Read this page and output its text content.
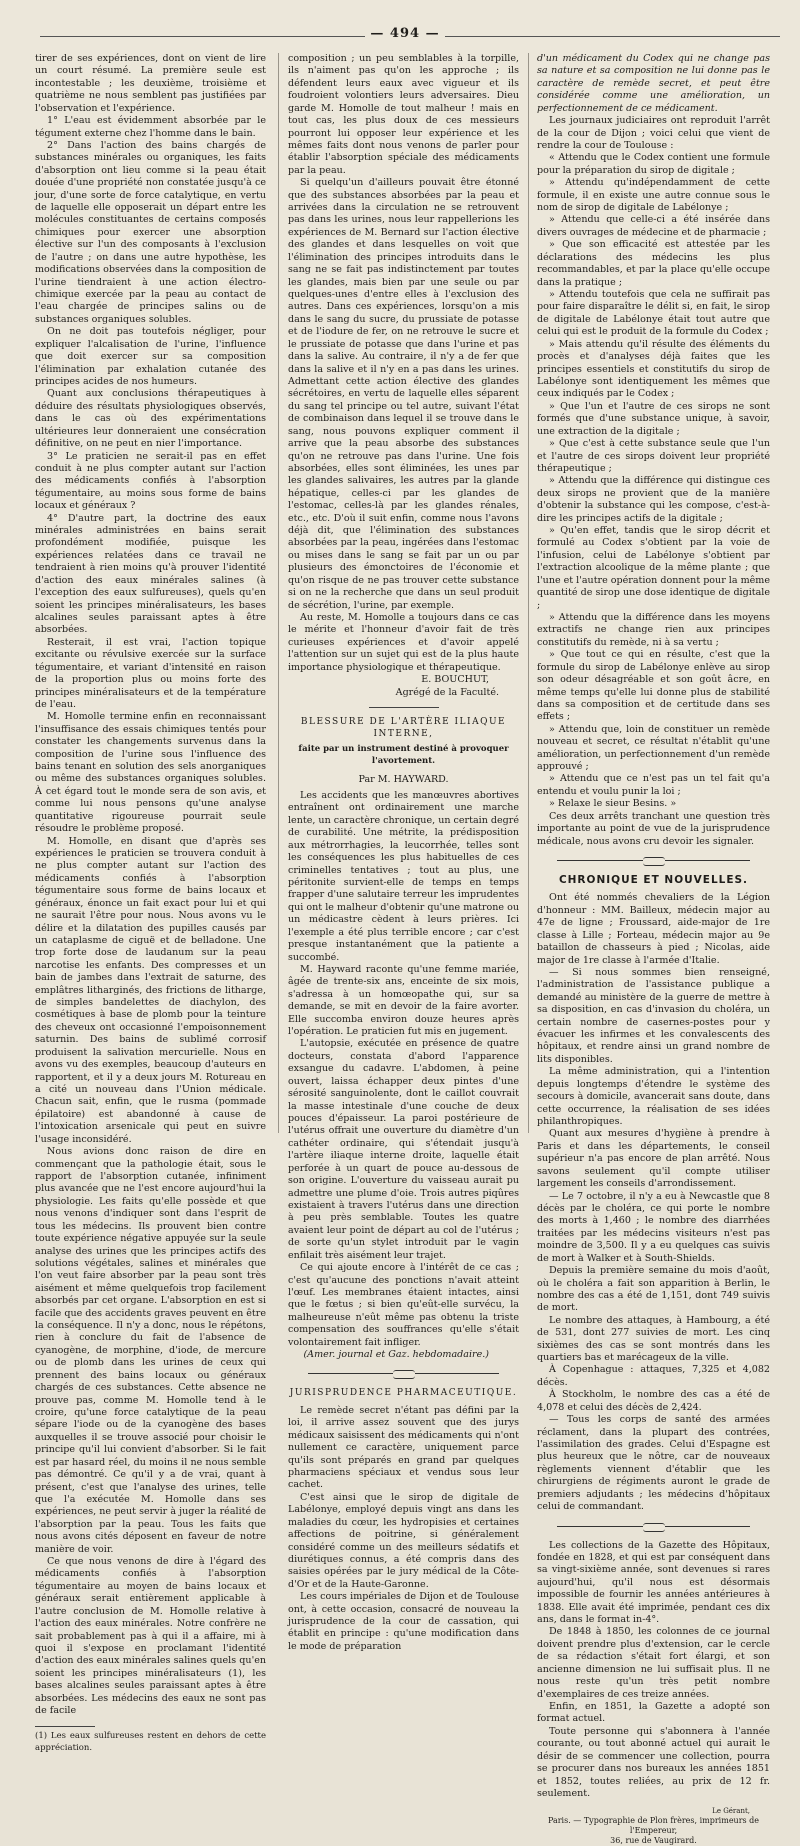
— 494 —

tirer de ses expériences, dont on vient de lire un court résumé. La première seule est incontestable ; les deuxième, troisième et quatrième ne nous semblent pas justifiées par l'observation et l'expérience.

1° L'eau est évidemment absorbée par le tégument externe chez l'homme dans le bain.

2° Dans l'action des bains chargés de substances minérales ou organiques, les faits d'absorption ont lieu comme si la peau était douée d'une propriété non constatée jusqu'à ce jour, d'une sorte de force catalytique, en vertu de laquelle elle opposerait un départ entre les molécules constituantes de certains composés chimiques pour exercer une absorption élective sur l'un des composants à l'exclusion de l'autre ; on dans une autre hypothèse, les modifications observées dans la composition de l'urine tiendraient à une action électro-chimique exercée par la peau au contact de l'eau chargée de principes salins ou de substances organiques solubles.

On ne doit pas toutefois négliger, pour expliquer l'alcalisation de l'urine, l'influence que doit exercer sur sa composition l'élimination par exhalation cutanée des principes acides de nos humeurs.

Quant aux conclusions thérapeutiques à déduire des résultats physiologiques observés, dans le cas où des expérimentations ultérieures leur donneraient une consécration définitive, on ne peut en nier l'importance.

3° Le praticien ne serait-il pas en effet conduit à ne plus compter autant sur l'action des médicaments confiés à l'absorption tégumentaire, au moins sous forme de bains locaux et généraux ?

4° D'autre part, la doctrine des eaux minérales administrées en bains serait profondément modifiée, puisque les expériences relatées dans ce travail ne tendraient à rien moins qu'à prouver l'identité d'action des eaux minérales salines (à l'exception des eaux sulfureuses), quels qu'en soient les principes minéralisateurs, les bases alcalines seules paraissant aptes à être absorbées.

Resterait, il est vrai, l'action topique excitante ou révulsive exercée sur la surface tégumentaire, et variant d'intensité en raison de la proportion plus ou moins forte des principes minéralisateurs et de la température de l'eau.

M. Homolle termine enfin en reconnaissant l'insuffisance des essais chimiques tentés pour constater les changements survenus dans la composition de l'urine sous l'influence des bains tenant en solution des sels anorganiques ou même des substances organiques solubles. À cet égard tout le monde sera de son avis, et comme lui nous pensons qu'une analyse quantitative rigoureuse pourrait seule résoudre le problème proposé.

M. Homolle, en disant que d'après ses expériences le praticien se trouvera conduit à ne plus compter autant sur l'action des médicaments confiés à l'absorption tégumentaire sous forme de bains locaux et généraux, énonce un fait exact pour lui et qui ne saurait l'être pour nous. Nous avons vu le délire et la dilatation des pupilles causés par un cataplasme de ciguë et de belladone. Une trop forte dose de laudanum sur la peau narcotise les enfants. Des compresses et un bain de jambes dans l'extrait de saturne, des emplâtres litharginés, des frictions de litharge, de simples bandelettes de diachylon, des cosmétiques à base de plomb pour la teinture des cheveux ont occasionné l'empoisonnement saturnin. Des bains de sublimé corrosif produisent la salivation mercurielle. Nous en avons vu des exemples, beaucoup d'auteurs en rapportent, et il y a deux jours M. Rotureau en a cité un nouveau dans l'Union médicale. Chacun sait, enfin, que le rusma (pommade épilatoire) est abandonné à cause de l'intoxication arsenicale qui peut en suivre l'usage inconsidéré.

Nous avions donc raison de dire en commençant que la pathologie était, sous le rapport de l'absorption cutanée, infiniment plus avancée que ne l'est encore aujourd'hui la physiologie. Les faits qu'elle possède et que nous venons d'indiquer sont dans l'esprit de tous les médecins. Ils prouvent bien contre toute expérience négative appuyée sur la seule analyse des urines que les principes actifs des solutions végétales, salines et minérales que l'on veut faire absorber par la peau sont très aisément et même quelquefois trop facilement absorbés par cet organe. L'absorption en est si facile que des accidents graves peuvent en être la conséquence. Il n'y a donc, nous le répétons, rien à conclure du fait de l'absence de cyanogène, de morphine, d'iode, de mercure ou de plomb dans les urines de ceux qui prennent des bains locaux ou généraux chargés de ces substances. Cette absence ne prouve pas, comme M. Homolle tend à le croire, qu'une force catalytique de la peau sépare l'iode ou de la cyanogène des bases auxquelles il se trouve associé pour choisir le principe qu'il lui convient d'absorber. Si le fait est par hasard réel, du moins il ne nous semble pas démontré. Ce qu'il y a de vrai, quant à présent, c'est que l'analyse des urines, telle que l'a exécutée M. Homolle dans ses expériences, ne peut servir à juger la réalité de l'absorption par la peau. Tous les faits que nous avons cités déposent en faveur de notre manière de voir.

Ce que nous venons de dire à l'égard des médicaments confiés à l'absorption tégumentaire au moyen de bains locaux et généraux serait entièrement applicable à l'autre conclusion de M. Homolle relative à l'action des eaux minérales. Notre confrère ne sait probablement pas à qui il a affaire, mi à quoi il s'expose en proclamant l'identité d'action des eaux minérales salines quels qu'en soient les principes minéralisateurs (1), les bases alcalines seules paraissant aptes à être absorbées. Les médecins des eaux ne sont pas de facile

(1) Les eaux sulfureuses restent en dehors de cette appréciation.

composition ; un peu semblables à la torpille, ils n'aiment pas qu'on les approche ; ils défendent leurs eaux avec vigueur et ils foudroient volontiers leurs adversaires. Dieu garde M. Homolle de tout malheur ! mais en tout cas, les plus doux de ces messieurs pourront lui opposer leur expérience et les mêmes faits dont nous venons de parler pour établir l'absorption spéciale des médicaments par la peau.

Si quelqu'un d'ailleurs pouvait être étonné que des substances absorbées par la peau et arrivées dans la circulation ne se retrouvent pas dans les urines, nous leur rappellerions les expériences de M. Bernard sur l'action élective des glandes et dans lesquelles on voit que l'élimination des principes introduits dans le sang ne se fait pas indistinctement par toutes les glandes, mais bien par une seule ou par quelques-unes d'entre elles à l'exclusion des autres. Dans ces expériences, lorsqu'on a mis dans le sang du sucre, du prussiate de potasse et de l'iodure de fer, on ne retrouve le sucre et le prussiate de potasse que dans l'urine et pas dans la salive. Au contraire, il n'y a de fer que dans la salive et il n'y en a pas dans les urines. Admettant cette action élective des glandes sécrétoires, en vertu de laquelle elles séparent du sang tel principe ou tel autre, suivant l'état de combinaison dans lequel il se trouve dans le sang, nous pouvons expliquer comment il arrive que la peau absorbe des substances qu'on ne retrouve pas dans l'urine. Une fois absorbées, elles sont éliminées, les unes par les glandes salivaires, les autres par la glande hépatique, celles-ci par les glandes de l'estomac, celles-là par les glandes rénales, etc., etc. D'où il suit enfin, comme nous l'avons déjà dit, que l'élimination des substances absorbées par la peau, ingérées dans l'estomac ou mises dans le sang se fait par un ou par plusieurs des émonctoires de l'économie et qu'on risque de ne pas trouver cette substance si on ne la recherche que dans un seul produit de sécrétion, l'urine, par exemple.

Au reste, M. Homolle a toujours dans ce cas le mérite et l'honneur d'avoir fait de très curieuses expériences et d'avoir appelé l'attention sur un sujet qui est de la plus haute importance physiologique et thérapeutique.

E. BOUCHUT,

Agrégé de la Faculté.

BLESSURE DE L'ARTÈRE ILIAQUE INTERNE,
faite par un instrument destiné à provoquer l'avortement.

Par M. HAYWARD.

Les accidents que les manœuvres abortives entraînent ont ordinairement une marche lente, un caractère chronique, un certain degré de curabilité. Une métrite, la prédisposition aux métrorrhagies, la leucorrhée, telles sont les conséquences les plus habituelles de ces criminelles tentatives ; tout au plus, une péritonite survient-elle de temps en temps frapper d'une salutaire terreur les imprudentes qui ont le malheur d'obtenir qu'une matrone ou un médicastre cèdent à leurs prières. Ici l'exemple a été plus terrible encore ; car c'est presque instantanément que la patiente a succombé.

M. Hayward raconte qu'une femme mariée, âgée de trente-six ans, enceinte de six mois, s'adressa à un homœopathe qui, sur sa demande, se mit en devoir de la faire avorter. Elle succomba environ douze heures après l'opération. Le praticien fut mis en jugement.

L'autopsie, exécutée en présence de quatre docteurs, constata d'abord l'apparence exsangue du cadavre. L'abdomen, à peine ouvert, laissa échapper deux pintes d'une sérosité sanguinolente, dont le caillot couvrait la masse intestinale d'une couche de deux pouces d'épaisseur. La paroi postérieure de l'utérus offrait une ouverture du diamètre d'un cathéter ordinaire, qui s'étendait jusqu'à l'artère iliaque interne droite, laquelle était perforée à un quart de pouce au-dessous de son origine. L'ouverture du vaisseau aurait pu admettre une plume d'oie. Trois autres piqûres existaient à travers l'utérus dans une direction à peu près semblable. Toutes les quatre avaient leur point de départ au col de l'utérus ; de sorte qu'un stylet introduit par le vagin enfilait très aisément leur trajet.

Ce qui ajoute encore à l'intérêt de ce cas ; c'est qu'aucune des ponctions n'avait atteint l'œuf. Les membranes étaient intactes, ainsi que le fœtus ; si bien qu'eût-elle survécu, la malheureuse n'eût même pas obtenu la triste compensation des souffrances qu'elle s'était volontairement fait infliger.

(Amer. journal et Gaz. hebdomadaire.)

JURISPRUDENCE PHARMACEUTIQUE.

Le remède secret n'étant pas défini par la loi, il arrive assez souvent que des jurys médicaux saisissent des médicaments qui n'ont nullement ce caractère, uniquement parce qu'ils sont préparés en grand par quelques pharmaciens spéciaux et vendus sous leur cachet.

C'est ainsi que le sirop de digitale de Labélonye, employé depuis vingt ans dans les maladies du cœur, les hydropisies et certaines affections de poitrine, si généralement considéré comme un des meilleurs sédatifs et diurétiques connus, a été compris dans des saisies opérées par le jury médical de la Côte-d'Or et de la Haute-Garonne.

Les cours impériales de Dijon et de Toulouse ont, à cette occasion, consacré de nouveau la jurisprudence de la cour de cassation, qui établit en principe : qu'une modification dans le mode de préparation

d'un médicament du Codex qui ne change pas sa nature et sa composition ne lui donne pas le caractère de remède secret, et peut être considérée comme une amélioration, un perfectionnement de ce médicament.

Les journaux judiciaires ont reproduit l'arrêt de la cour de Dijon ; voici celui que vient de rendre la cour de Toulouse :

« Attendu que le Codex contient une formule pour la préparation du sirop de digitale ;

» Attendu qu'indépendamment de cette formule, il en existe une autre connue sous le nom de sirop de digitale de Labélonye ;

» Attendu que celle-ci a été insérée dans divers ouvrages de médecine et de pharmacie ;

» Que son efficacité est attestée par les déclarations des médecins les plus recommandables, et par la place qu'elle occupe dans la pratique ;

» Attendu toutefois que cela ne suffirait pas pour faire disparaître le délit si, en fait, le sirop de digitale de Labélonye était tout autre que celui qui est le produit de la formule du Codex ;

» Mais attendu qu'il résulte des éléments du procès et d'analyses déjà faites que les principes essentiels et constitutifs du sirop de Labélonye sont identiquement les mêmes que ceux indiqués par le Codex ;

» Que l'un et l'autre de ces sirops ne sont formés que d'une substance unique, à savoir, une extraction de la digitale ;

» Que c'est à cette substance seule que l'un et l'autre de ces sirops doivent leur propriété thérapeutique ;

» Attendu que la différence qui distingue ces deux sirops ne provient que de la manière d'obtenir la substance qui les compose, c'est-à-dire les principes actifs de la digitale ;

» Qu'en effet, tandis que le sirop décrit et formulé au Codex s'obtient par la voie de l'infusion, celui de Labélonye s'obtient par l'extraction alcoolique de la même plante ; que l'une et l'autre opération donnent pour la même quantité de sirop une dose identique de digitale ;

» Attendu que la différence dans les moyens extractifs ne change rien aux principes constitutifs du remède, ni à sa vertu ;

» Que tout ce qui en résulte, c'est que la formule du sirop de Labélonye enlève au sirop son odeur désagréable et son goût âcre, en même temps qu'elle lui donne plus de stabilité dans sa composition et de certitude dans ses effets ;

» Attendu que, loin de constituer un remède nouveau et secret, ce résultat n'établit qu'une amélioration, un perfectionnement d'un remède approuvé ;

» Attendu que ce n'est pas un tel fait qu'a entendu et voulu punir la loi ;

» Relaxe le sieur Besins. »

Ces deux arrêts tranchant une question très importante au point de vue de la jurisprudence médicale, nous avons cru devoir les signaler.

CHRONIQUE ET NOUVELLES.

Ont été nommés chevaliers de la Légion d'honneur : MM. Bailleux, médecin major au 47e de ligne ; Froussard, aide-major de 1re classe à Lille ; Forteau, médecin major au 9e bataillon de chasseurs à pied ; Nicolas, aide major de 1re classe à l'armée d'Italie.

— Si nous sommes bien renseigné, l'administration de l'assistance publique a demandé au ministère de la guerre de mettre à sa disposition, en cas d'invasion du choléra, un certain nombre de casernes-postes pour y évacuer les infirmes et les convalescents des hôpitaux, et rendre ainsi un grand nombre de lits disponibles.

La même administration, qui a l'intention depuis longtemps d'étendre le système des secours à domicile, avancerait sans doute, dans cette occurrence, la réalisation de ses idées philanthropiques.

Quant aux mesures d'hygiène à prendre à Paris et dans les départements, le conseil supérieur n'a pas encore de plan arrêté. Nous savons seulement qu'il compte utiliser largement les conseils d'arrondissement.

— Le 7 octobre, il n'y a eu à Newcastle que 8 décès par le choléra, ce qui porte le nombre des morts à 1,460 ; le nombre des diarrhées traitées par les médecins visiteurs n'est pas moindre de 3,500. Il y a eu quelques cas suivis de mort à Walker et à South-Shields.

Depuis la première semaine du mois d'août, où le choléra a fait son apparition à Berlin, le nombre des cas a été de 1,151, dont 749 suivis de mort.

Le nombre des attaques, à Hambourg, a été de 531, dont 277 suivies de mort. Les cinq sixièmes des cas se sont montrés dans les quartiers bas et marécageux de la ville.

À Copenhague : attaques, 7,325 et 4,082 décès.

À Stockholm, le nombre des cas a été de 4,078 et celui des décès de 2,424.

— Tous les corps de santé des armées réclament, dans la plupart des contrées, l'assimilation des grades. Celui d'Espagne est plus heureux que le nôtre, car de nouveaux règlements viennent d'établir que les chirurgiens de régiments auront le grade de premiers adjudants ; les médecins d'hôpitaux celui de commandant.

Les collections de la Gazette des Hôpitaux, fondée en 1828, et qui est par conséquent dans sa vingt-sixième année, sont devenues si rares aujourd'hui, qu'il nous est désormais impossible de fournir les années antérieures à 1838. Elle avait été imprimée, pendant ces dix ans, dans le format in-4°.

De 1848 à 1850, les colonnes de ce journal doivent prendre plus d'extension, car le cercle de sa rédaction s'était fort élargi, et son ancienne dimension ne lui suffisait plus. Il ne nous reste qu'un très petit nombre d'exemplaires de ces treize années.

Enfin, en 1851, la Gazette a adopté son format actuel.

Toute personne qui s'abonnera à l'année courante, ou tout abonné actuel qui aurait le désir de se commencer une collection, pourra se procurer dans nos bureaux les années 1851 et 1852, toutes reliées, au prix de 12 fr. seulement.

Le Gérant,
Paris. — Typographie de Plon frères, imprimeurs de l'Empereur,
36, rue de Vaugirard.
